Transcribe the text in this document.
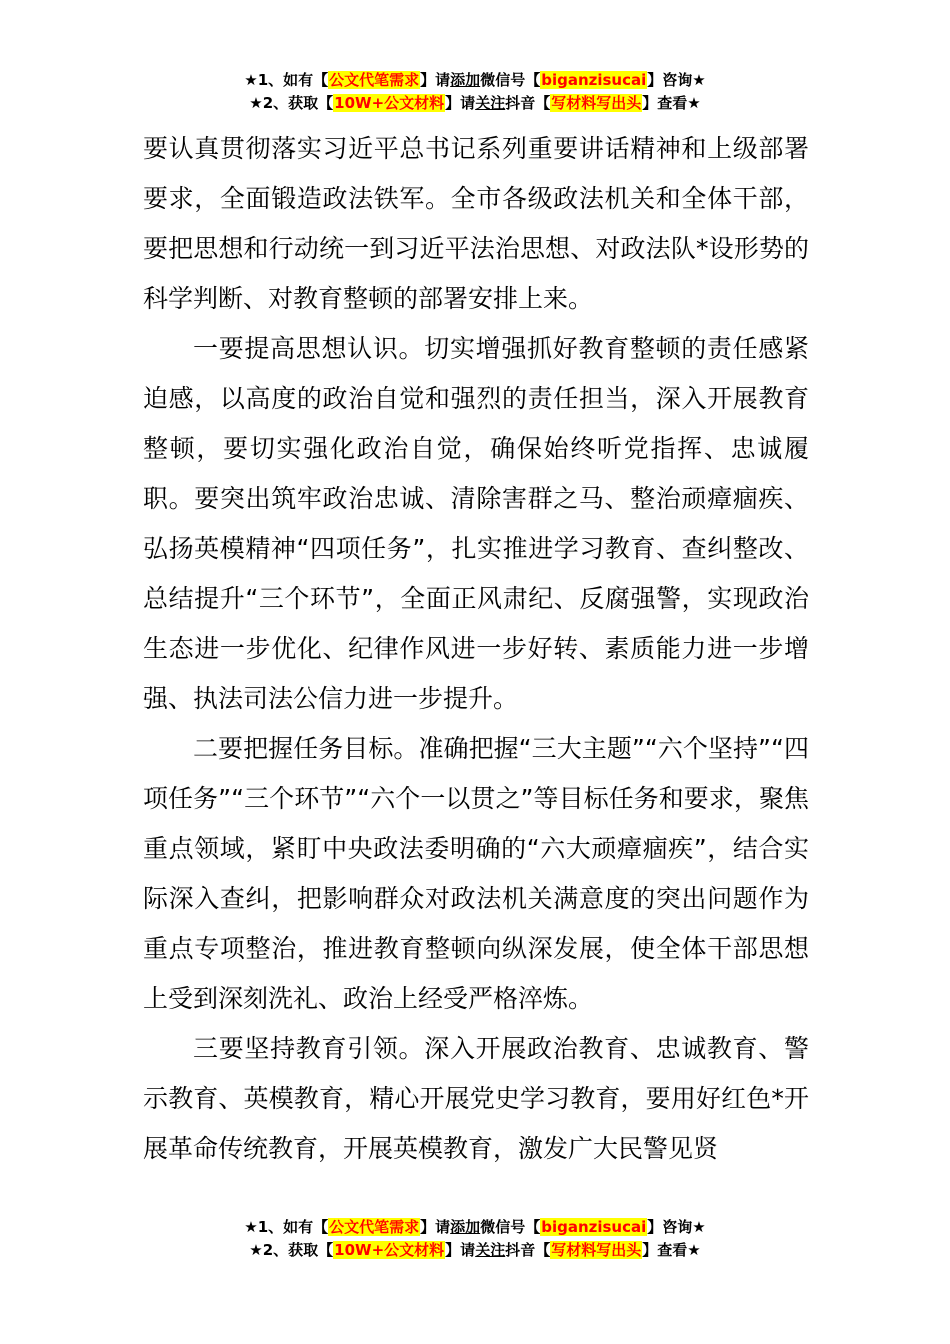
★1、如有【公文代笔需求】请添加微信号【biganzisucai】咨询★
★2、获取【10W+公文材料】请关注抖音【写材料写出头】查看★

要认真贯彻落实习近平总书记系列重要讲话精神和上级部署要求，全面锻造政法铁军。全市各级政法机关和全体干部，要把思想和行动统一到习近平法治思想、对政法队*设形势的科学判断、对教育整顿的部署安排上来。

一要提高思想认识。切实增强抓好教育整顿的责任感紧迫感，以高度的政治自觉和强烈的责任担当，深入开展教育整顿，要切实强化政治自觉，确保始终听党指挥、忠诚履职。要突出筑牢政治忠诚、清除害群之马、整治顽瘴痼疾、弘扬英模精神“四项任务”，扎实推进学习教育、查纠整改、总结提升“三个环节”，全面正风肃纪、反腐强警，实现政治生态进一步优化、纪律作风进一步好转、素质能力进一步增强、执法司法公信力进一步提升。

二要把握任务目标。准确把握“三大主题”“六个坚持”“四项任务”“三个环节”“六个一以贯之”等目标任务和要求，聚焦重点领域，紧盯中央政法委明确的“六大顽瘴痼疾”，结合实际深入查纠，把影响群众对政法机关满意度的突出问题作为重点专项整治，推进教育整顿向纵深发展，使全体干部思想上受到深刻洗礼、政治上经受严格淬炼。

三要坚持教育引领。深入开展政治教育、忠诚教育、警示教育、英模教育，精心开展党史学习教育，要用好红色*开展革命传统教育，开展英模教育，激发广大民警见贤

★1、如有【公文代笔需求】请添加微信号【biganzisucai】咨询★
★2、获取【10W+公文材料】请关注抖音【写材料写出头】查看★
